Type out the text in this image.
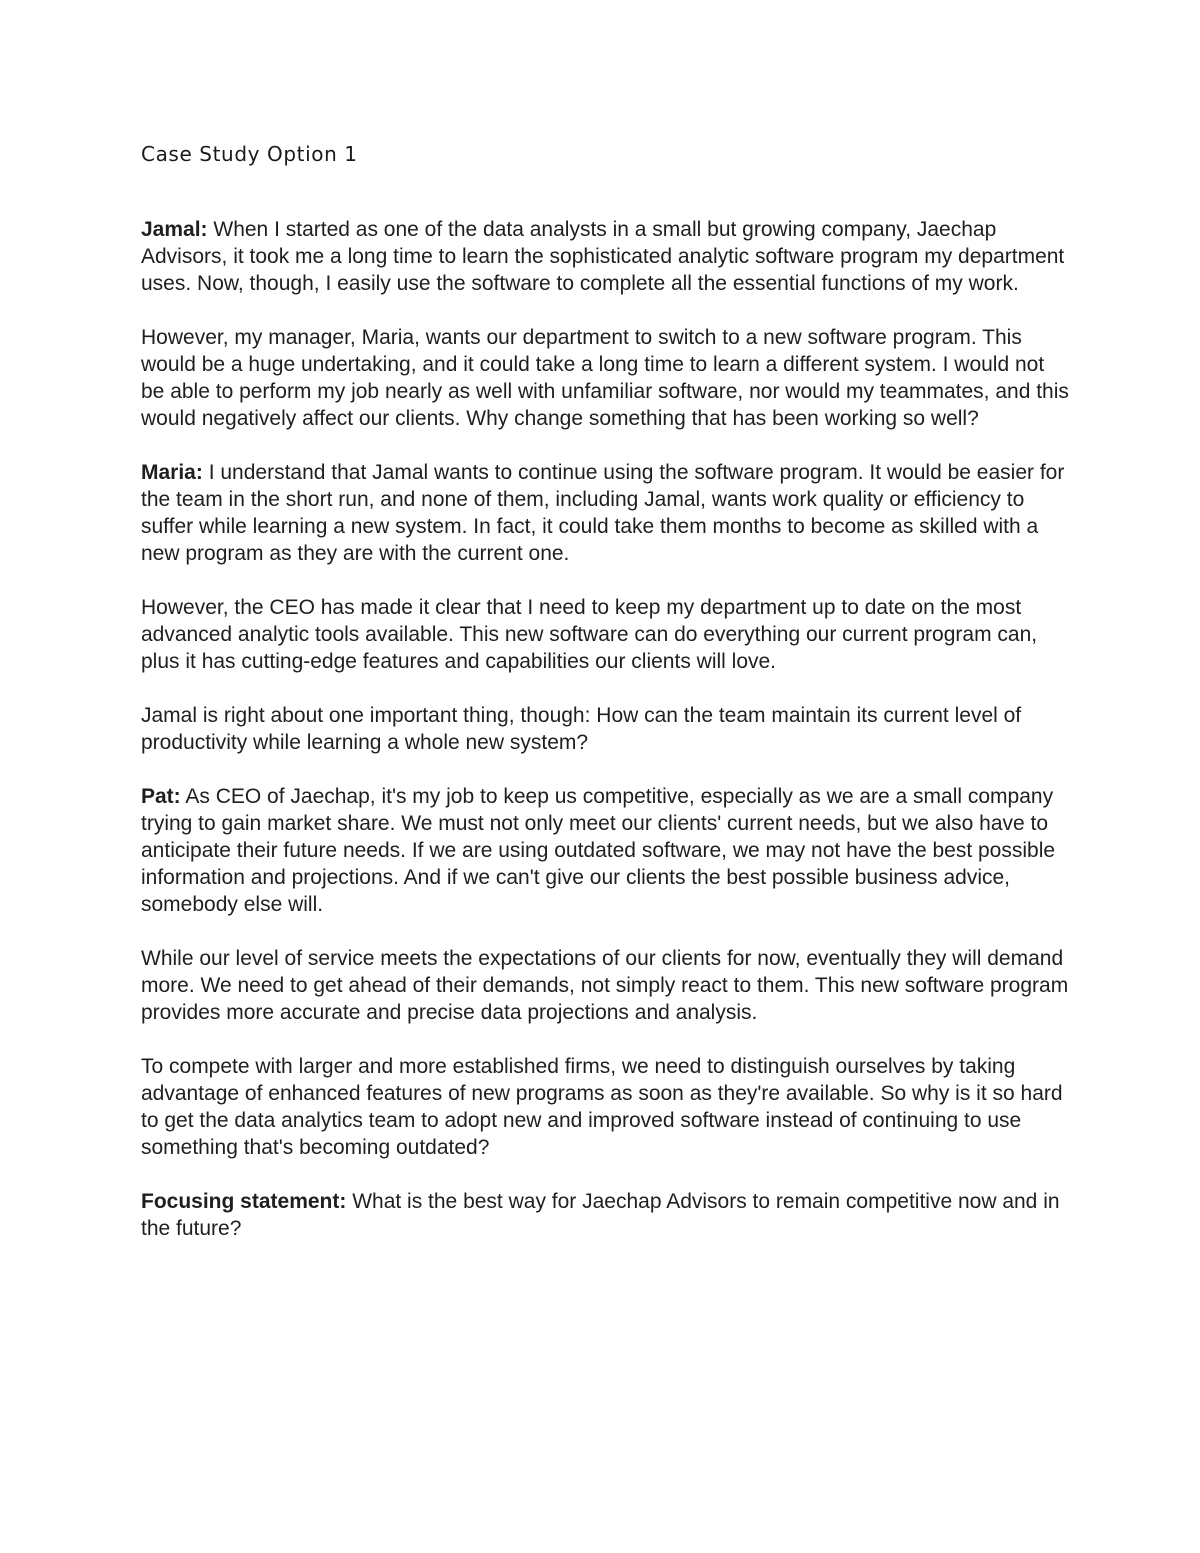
Case Study Option 1

Jamal: When I started as one of the data analysts in a small but growing company, Jaechap Advisors, it took me a long time to learn the sophisticated analytic software program my department uses. Now, though, I easily use the software to complete all the essential functions of my work.

However, my manager, Maria, wants our department to switch to a new software program. This would be a huge undertaking, and it could take a long time to learn a different system. I would not be able to perform my job nearly as well with unfamiliar software, nor would my teammates, and this would negatively affect our clients. Why change something that has been working so well?

Maria: I understand that Jamal wants to continue using the software program. It would be easier for the team in the short run, and none of them, including Jamal, wants work quality or efficiency to suffer while learning a new system. In fact, it could take them months to become as skilled with a new program as they are with the current one.

However, the CEO has made it clear that I need to keep my department up to date on the most advanced analytic tools available. This new software can do everything our current program can, plus it has cutting-edge features and capabilities our clients will love.

Jamal is right about one important thing, though: How can the team maintain its current level of productivity while learning a whole new system?

Pat: As CEO of Jaechap, it's my job to keep us competitive, especially as we are a small company trying to gain market share. We must not only meet our clients' current needs, but we also have to anticipate their future needs. If we are using outdated software, we may not have the best possible information and projections. And if we can't give our clients the best possible business advice, somebody else will.

While our level of service meets the expectations of our clients for now, eventually they will demand more. We need to get ahead of their demands, not simply react to them. This new software program provides more accurate and precise data projections and analysis.

To compete with larger and more established firms, we need to distinguish ourselves by taking advantage of enhanced features of new programs as soon as they're available. So why is it so hard to get the data analytics team to adopt new and improved software instead of continuing to use something that's becoming outdated?

Focusing statement: What is the best way for Jaechap Advisors to remain competitive now and in the future?
